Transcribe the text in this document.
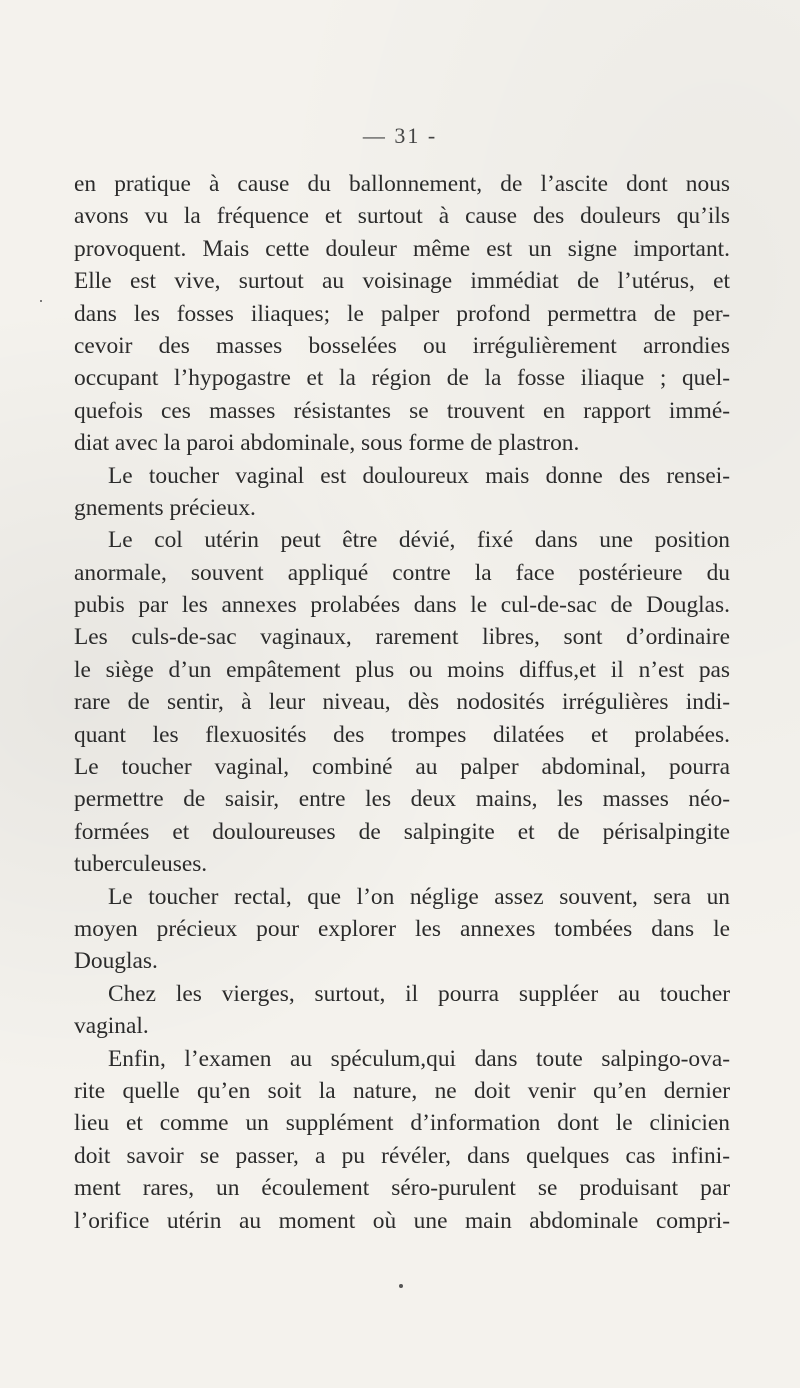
— 31 -
en pratique à cause du ballonnement, de l’ascite dont nous
avons vu la fréquence et surtout à cause des douleurs qu’ils
provoquent. Mais cette douleur même est un signe important.
Elle est vive, surtout au voisinage immédiat de l’utérus, et
dans les fosses iliaques; le palper profond permettra de per-
cevoir des masses bosselées ou irrégulièrement arrondies
occupant l’hypogastre et la région de la fosse iliaque ; quel-
quefois ces masses résistantes se trouvent en rapport immé-
diat avec la paroi abdominale, sous forme de plastron.
Le toucher vaginal est douloureux mais donne des rensei-
gnements précieux.
Le col utérin peut être dévié, fixé dans une position
anormale, souvent appliqué contre la face postérieure du
pubis par les annexes prolabées dans le cul-de-sac de Douglas.
Les culs-de-sac vaginaux, rarement libres, sont d’ordinaire
le siège d’un empâtement plus ou moins diffus,et il n’est pas
rare de sentir, à leur niveau, dès nodosités irrégulières indi-
quant les flexuosités des trompes dilatées et prolabées.
Le toucher vaginal, combiné au palper abdominal, pourra
permettre de saisir, entre les deux mains, les masses néo-
formées et douloureuses de salpingite et de périsalpingite
tuberculeuses.
Le toucher rectal, que l’on néglige assez souvent, sera un
moyen précieux pour explorer les annexes tombées dans le
Douglas.
Chez les vierges, surtout, il pourra suppléer au toucher
vaginal.
Enfin, l’examen au spéculum,qui dans toute salpingo-ova-
rite quelle qu’en soit la nature, ne doit venir qu’en dernier
lieu et comme un supplément d’information dont le clinicien
doit savoir se passer, a pu révéler, dans quelques cas infini-
ment rares, un écoulement séro-purulent se produisant par
l’orifice utérin au moment où une main abdominale compri-
